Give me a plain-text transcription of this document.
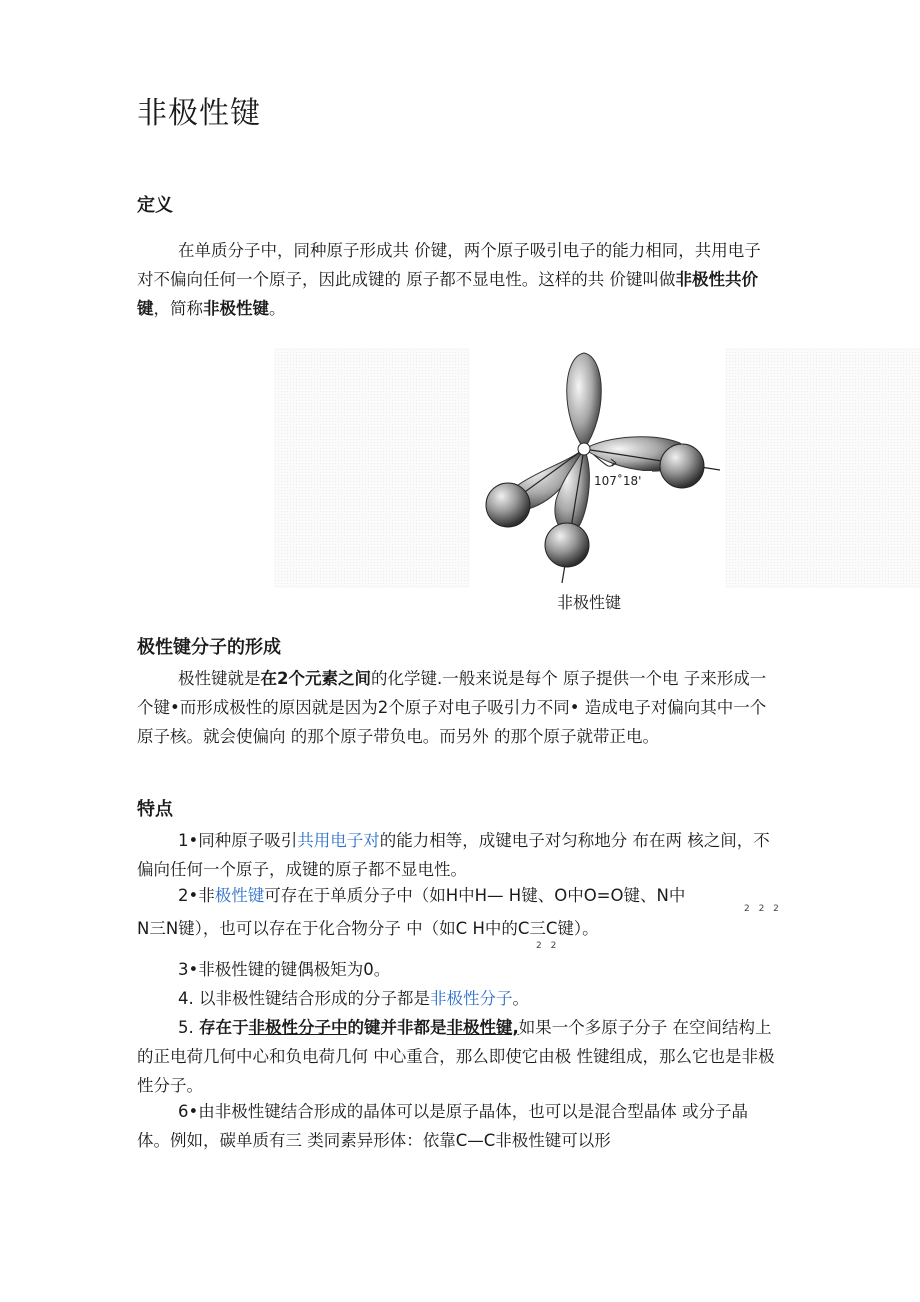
非极性键
定义
在单质分子中，同种原子形成共 价键，两个原子吸引电子的能力相同，共用电子对不偏向任何一个原子，因此成键的 原子都不显电性。这样的共 价键叫做非极性共价键，简称非极性键。
107˚18'
非极性键
极性键分子的形成
极性键就是在2个元素之间的化学键.一般来说是每个 原子提供一个电 子来形成一个键•而形成极性的原因就是因为2个原子对电子吸引力不同• 造成电子对偏向其中一个原子核。就会使偏向 的那个原子带负电。而另外 的那个原子就带正电。
特点
1•同种原子吸引共用电子对的能力相等，成键电子对匀称地分 布在两 核之间，不偏向任何一个原子，成键的原子都不显电性。
2•非极性键可存在于单质分子中（如H中H— H键、O中O=O键、N中
2 2 2
N三N键），也可以存在于化合物分子 中（如C H中的C三C键）。
2 2
3•非极性键的键偶极矩为0。
4. 以非极性键结合形成的分子都是非极性分子。
5. 存在于非极性分子中的键并非都是非极性键,如果一个多原子分子 在空间结构上的正电荷几何中心和负电荷几何 中心重合，那么即使它由极 性键组成，那么它也是非极性分子。
6•由非极性键结合形成的晶体可以是原子晶体，也可以是混合型晶体 或分子晶体。例如，碳单质有三 类同素异形体：依靠C—C非极性键可以形
